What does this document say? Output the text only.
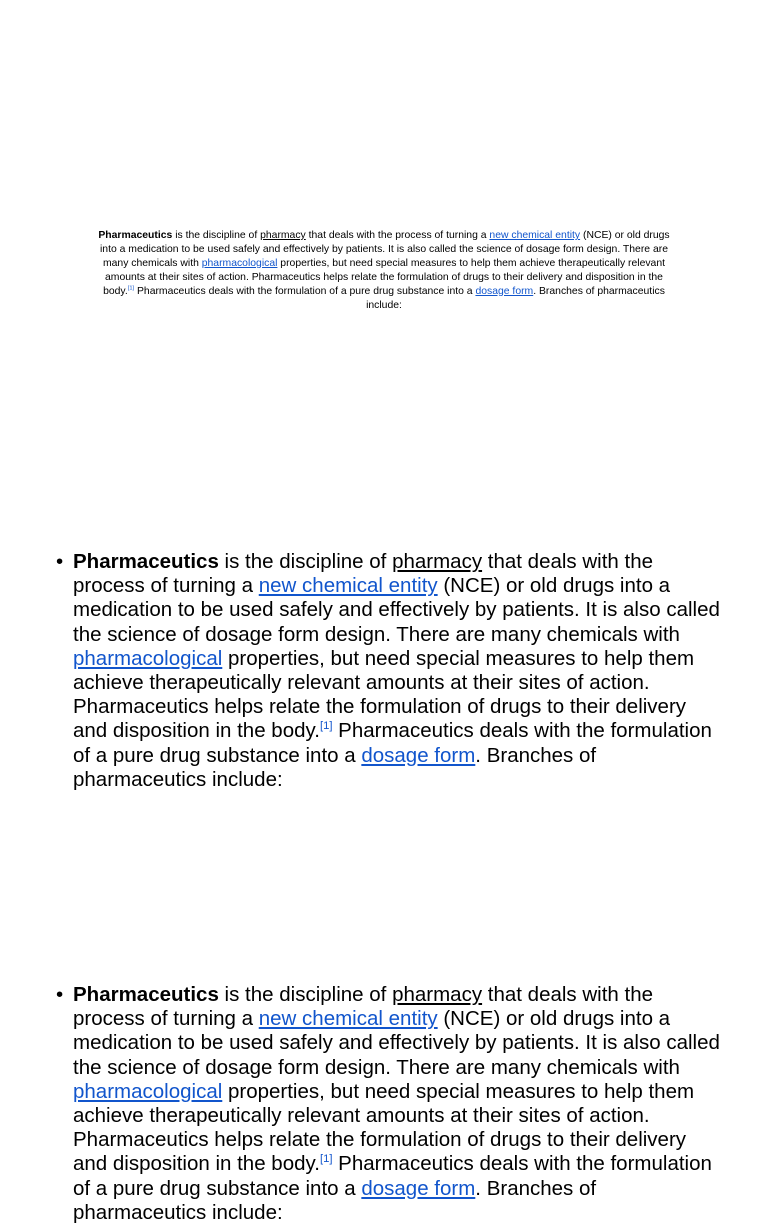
Pharmaceutics is the discipline of pharmacy that deals with the process of turning a new chemical entity (NCE) or old drugs into a medication to be used safely and effectively by patients. It is also called the science of dosage form design. There are many chemicals with pharmacological properties, but need special measures to help them achieve therapeutically relevant amounts at their sites of action. Pharmaceutics helps relate the formulation of drugs to their delivery and disposition in the body.[1] Pharmaceutics deals with the formulation of a pure drug substance into a dosage form. Branches of pharmaceutics include:
• Pharmaceutics is the discipline of pharmacy that deals with the process of turning a new chemical entity (NCE) or old drugs into a medication to be used safely and effectively by patients. It is also called the science of dosage form design. There are many chemicals with pharmacological properties, but need special measures to help them achieve therapeutically relevant amounts at their sites of action. Pharmaceutics helps relate the formulation of drugs to their delivery and disposition in the body.[1] Pharmaceutics deals with the formulation of a pure drug substance into a dosage form. Branches of pharmaceutics include:
• Pharmaceutics is the discipline of pharmacy that deals with the process of turning a new chemical entity (NCE) or old drugs into a medication to be used safely and effectively by patients. It is also called the science of dosage form design. There are many chemicals with pharmacological properties, but need special measures to help them achieve therapeutically relevant amounts at their sites of action. Pharmaceutics helps relate the formulation of drugs to their delivery and disposition in the body.[1] Pharmaceutics deals with the formulation of a pure drug substance into a dosage form. Branches of pharmaceutics include:
